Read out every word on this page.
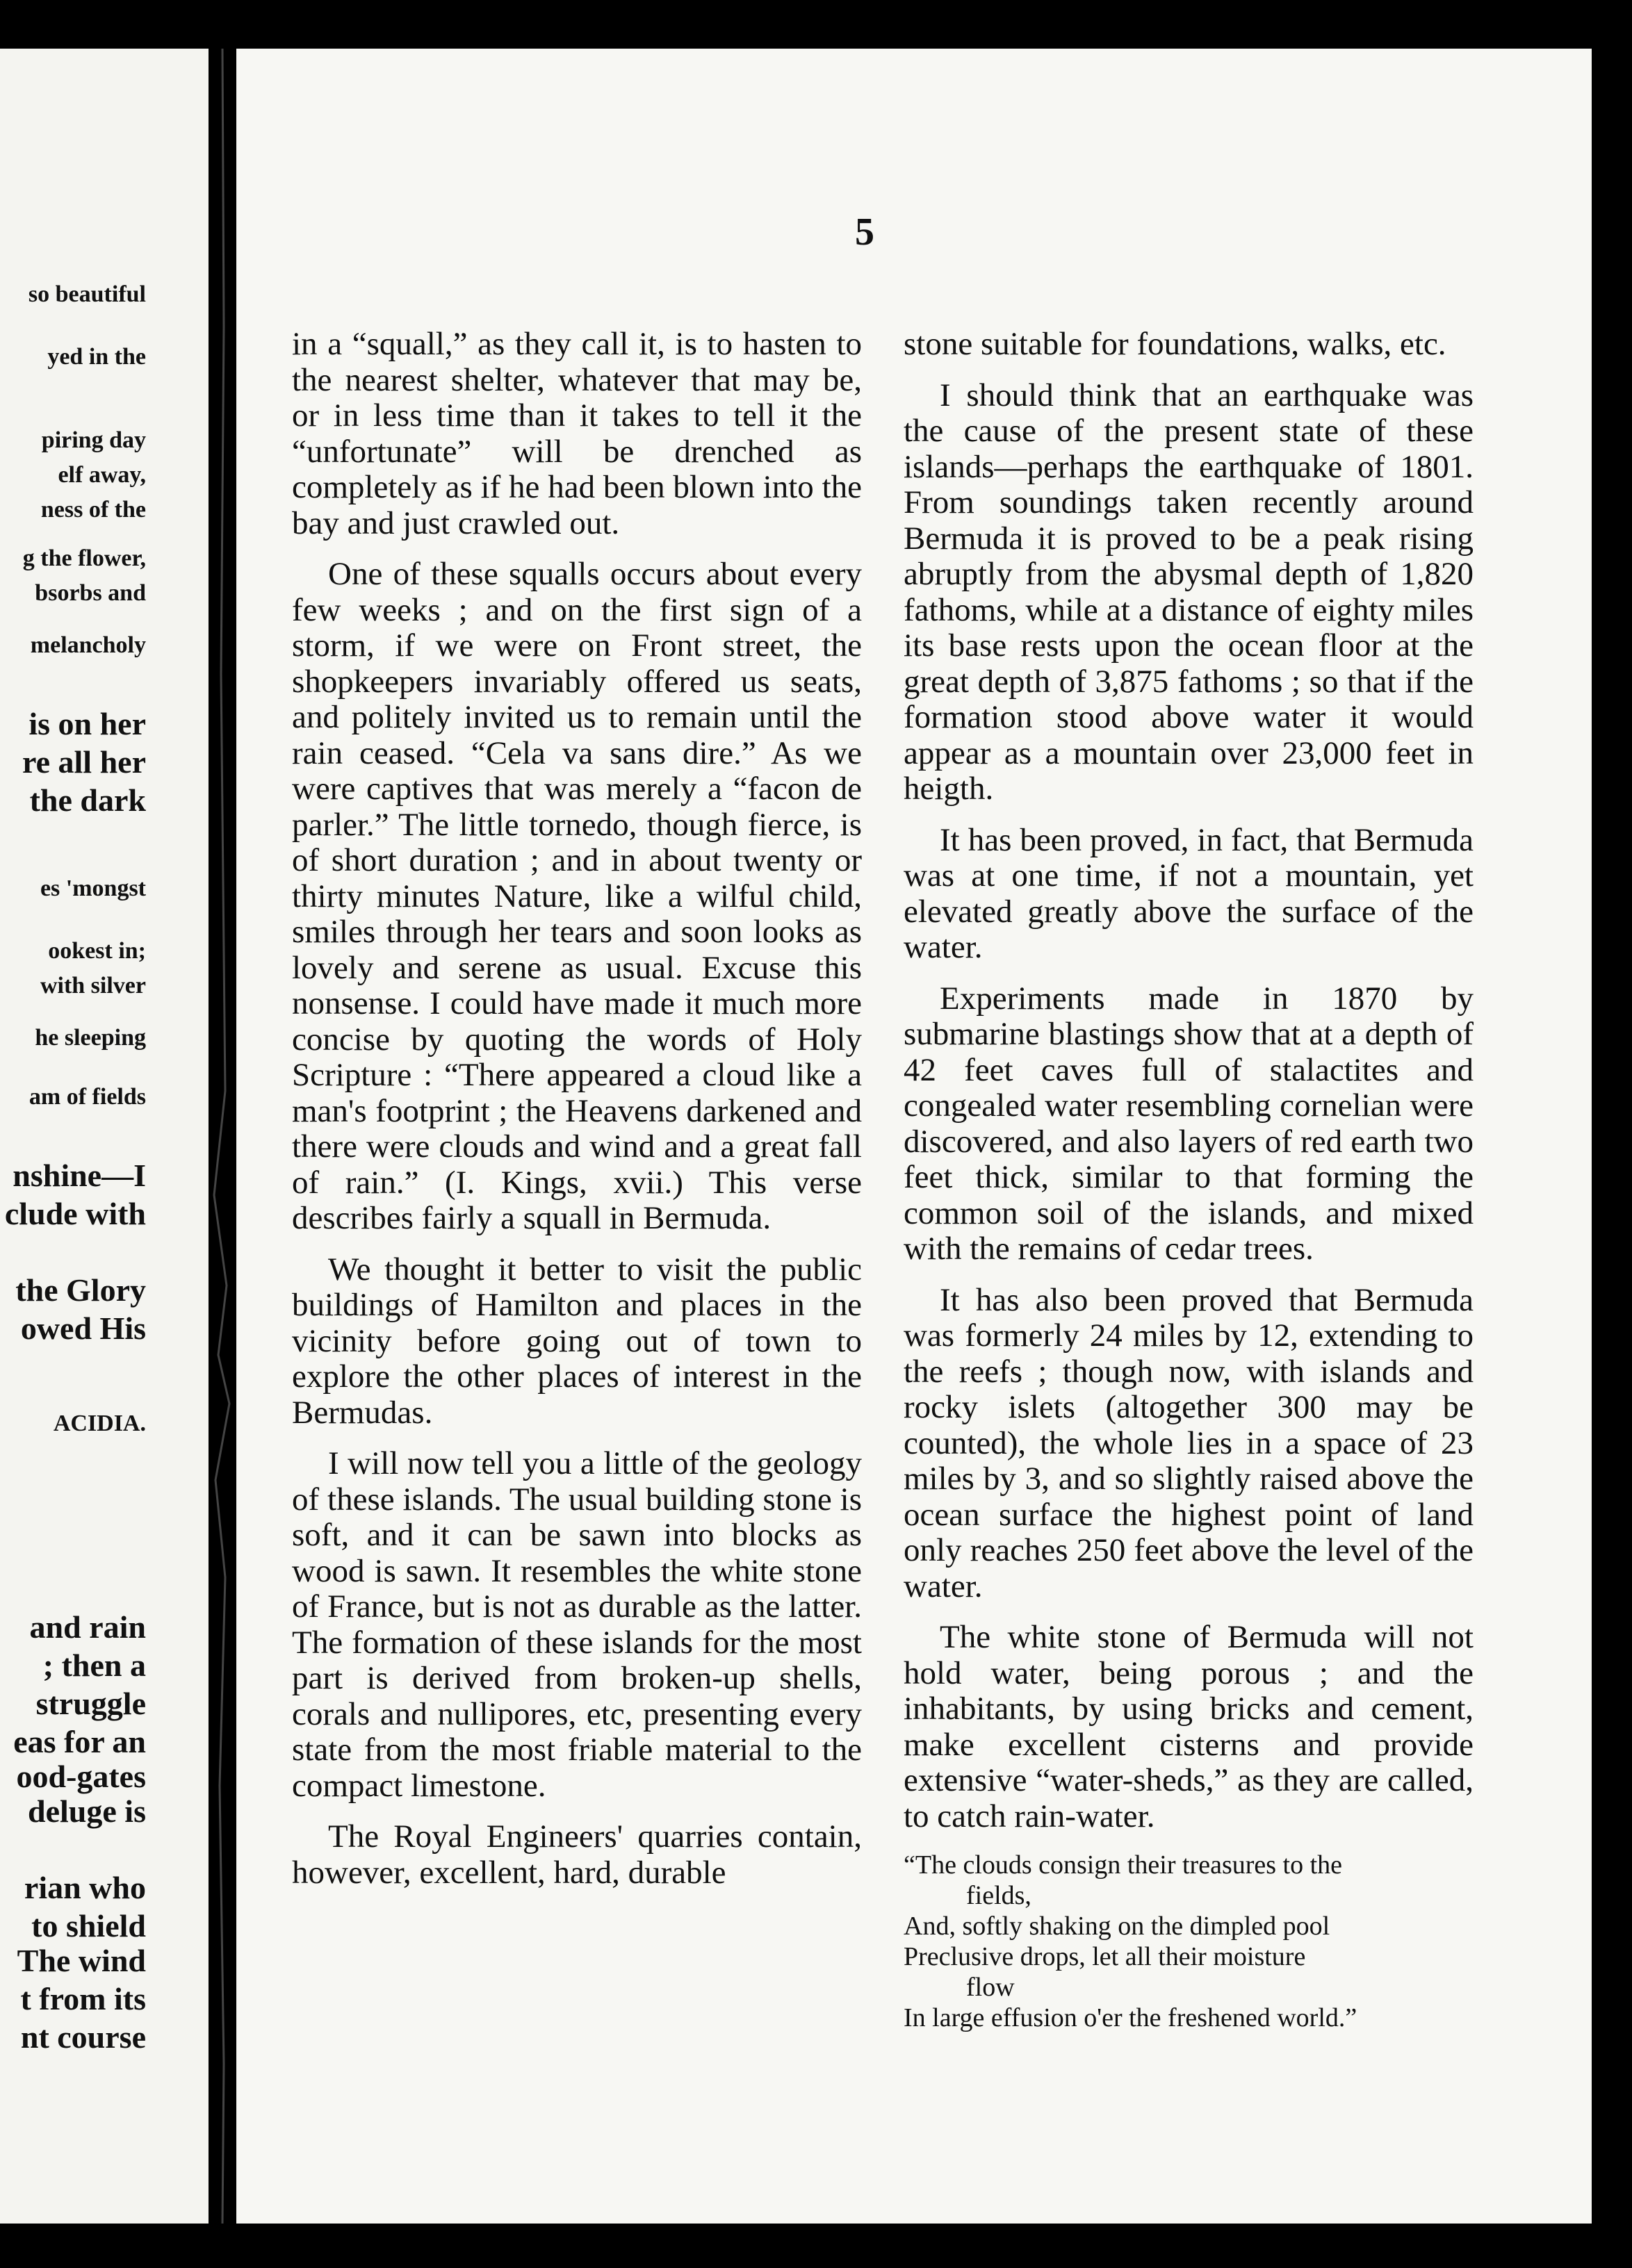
so beautiful
yed in the
piring day
elf away,
ness of the
g the flower,
bsorbs and
melancholy
is on her
re all her
the dark
es 'mongst
ookest in;
with silver
he sleeping
am of fields
nshine—I
clude with
the Glory
owed His
ACIDIA.
and rain
; then a
struggle
eas for an
ood-gates
deluge is
rian who
to shield
The wind
t from its
nt course
5

in a “squall,” as they call it, is to hasten to the nearest shelter, whatever that may be, or in less time than it takes to tell it the “unfortunate” will be drenched as completely as if he had been blown into the bay and just crawled out.

One of these squalls occurs about every few weeks ; and on the first sign of a storm, if we were on Front street, the shopkeepers invariably offered us seats, and politely invited us to remain until the rain ceased. “Cela va sans dire.” As we were captives that was merely a “facon de parler.” The little tornedo, though fierce, is of short duration ; and in about twenty or thirty minutes Nature, like a wilful child, smiles through her tears and soon looks as lovely and serene as usual. Excuse this nonsense. I could have made it much more concise by quoting the words of Holy Scripture : “There appeared a cloud like a man's footprint ; the Heavens darkened and there were clouds and wind and a great fall of rain.” (I. Kings, xvii.) This verse describes fairly a squall in Bermuda.

We thought it better to visit the public buildings of Hamilton and places in the vicinity before going out of town to explore the other places of interest in the Bermudas.

I will now tell you a little of the geology of these islands. The usual building stone is soft, and it can be sawn into blocks as wood is sawn. It resembles the white stone of France, but is not as durable as the latter. The formation of these islands for the most part is derived from broken-up shells, corals and nullipores, etc, presenting every state from the most friable material to the compact limestone.

The Royal Engineers' quarries contain, however, excellent, hard, durable

stone suitable for foundations, walks, etc.

I should think that an earthquake was the cause of the present state of these islands—perhaps the earthquake of 1801. From soundings taken recently around Bermuda it is proved to be a peak rising abruptly from the abysmal depth of 1,820 fathoms, while at a distance of eighty miles its base rests upon the ocean floor at the great depth of 3,875 fathoms ; so that if the formation stood above water it would appear as a mountain over 23,000 feet in heigth.

It has been proved, in fact, that Bermuda was at one time, if not a mountain, yet elevated greatly above the surface of the water.

Experiments made in 1870 by submarine blastings show that at a depth of 42 feet caves full of stalactites and congealed water resembling cornelian were discovered, and also layers of red earth two feet thick, similar to that forming the common soil of the islands, and mixed with the remains of cedar trees.

It has also been proved that Bermuda was formerly 24 miles by 12, extending to the reefs ; though now, with islands and rocky islets (altogether 300 may be counted), the whole lies in a space of 23 miles by 3, and so slightly raised above the ocean surface the highest point of land only reaches 250 feet above the level of the water.

The white stone of Bermuda will not hold water, being porous ; and the inhabitants, by using bricks and cement, make excellent cisterns and provide extensive “water-sheds,” as they are called, to catch rain-water.

“The clouds consign their treasures to the

fields,

And, softly shaking on the dimpled pool

Preclusive drops, let all their moisture

flow

In large effusion o'er the freshened world.”
